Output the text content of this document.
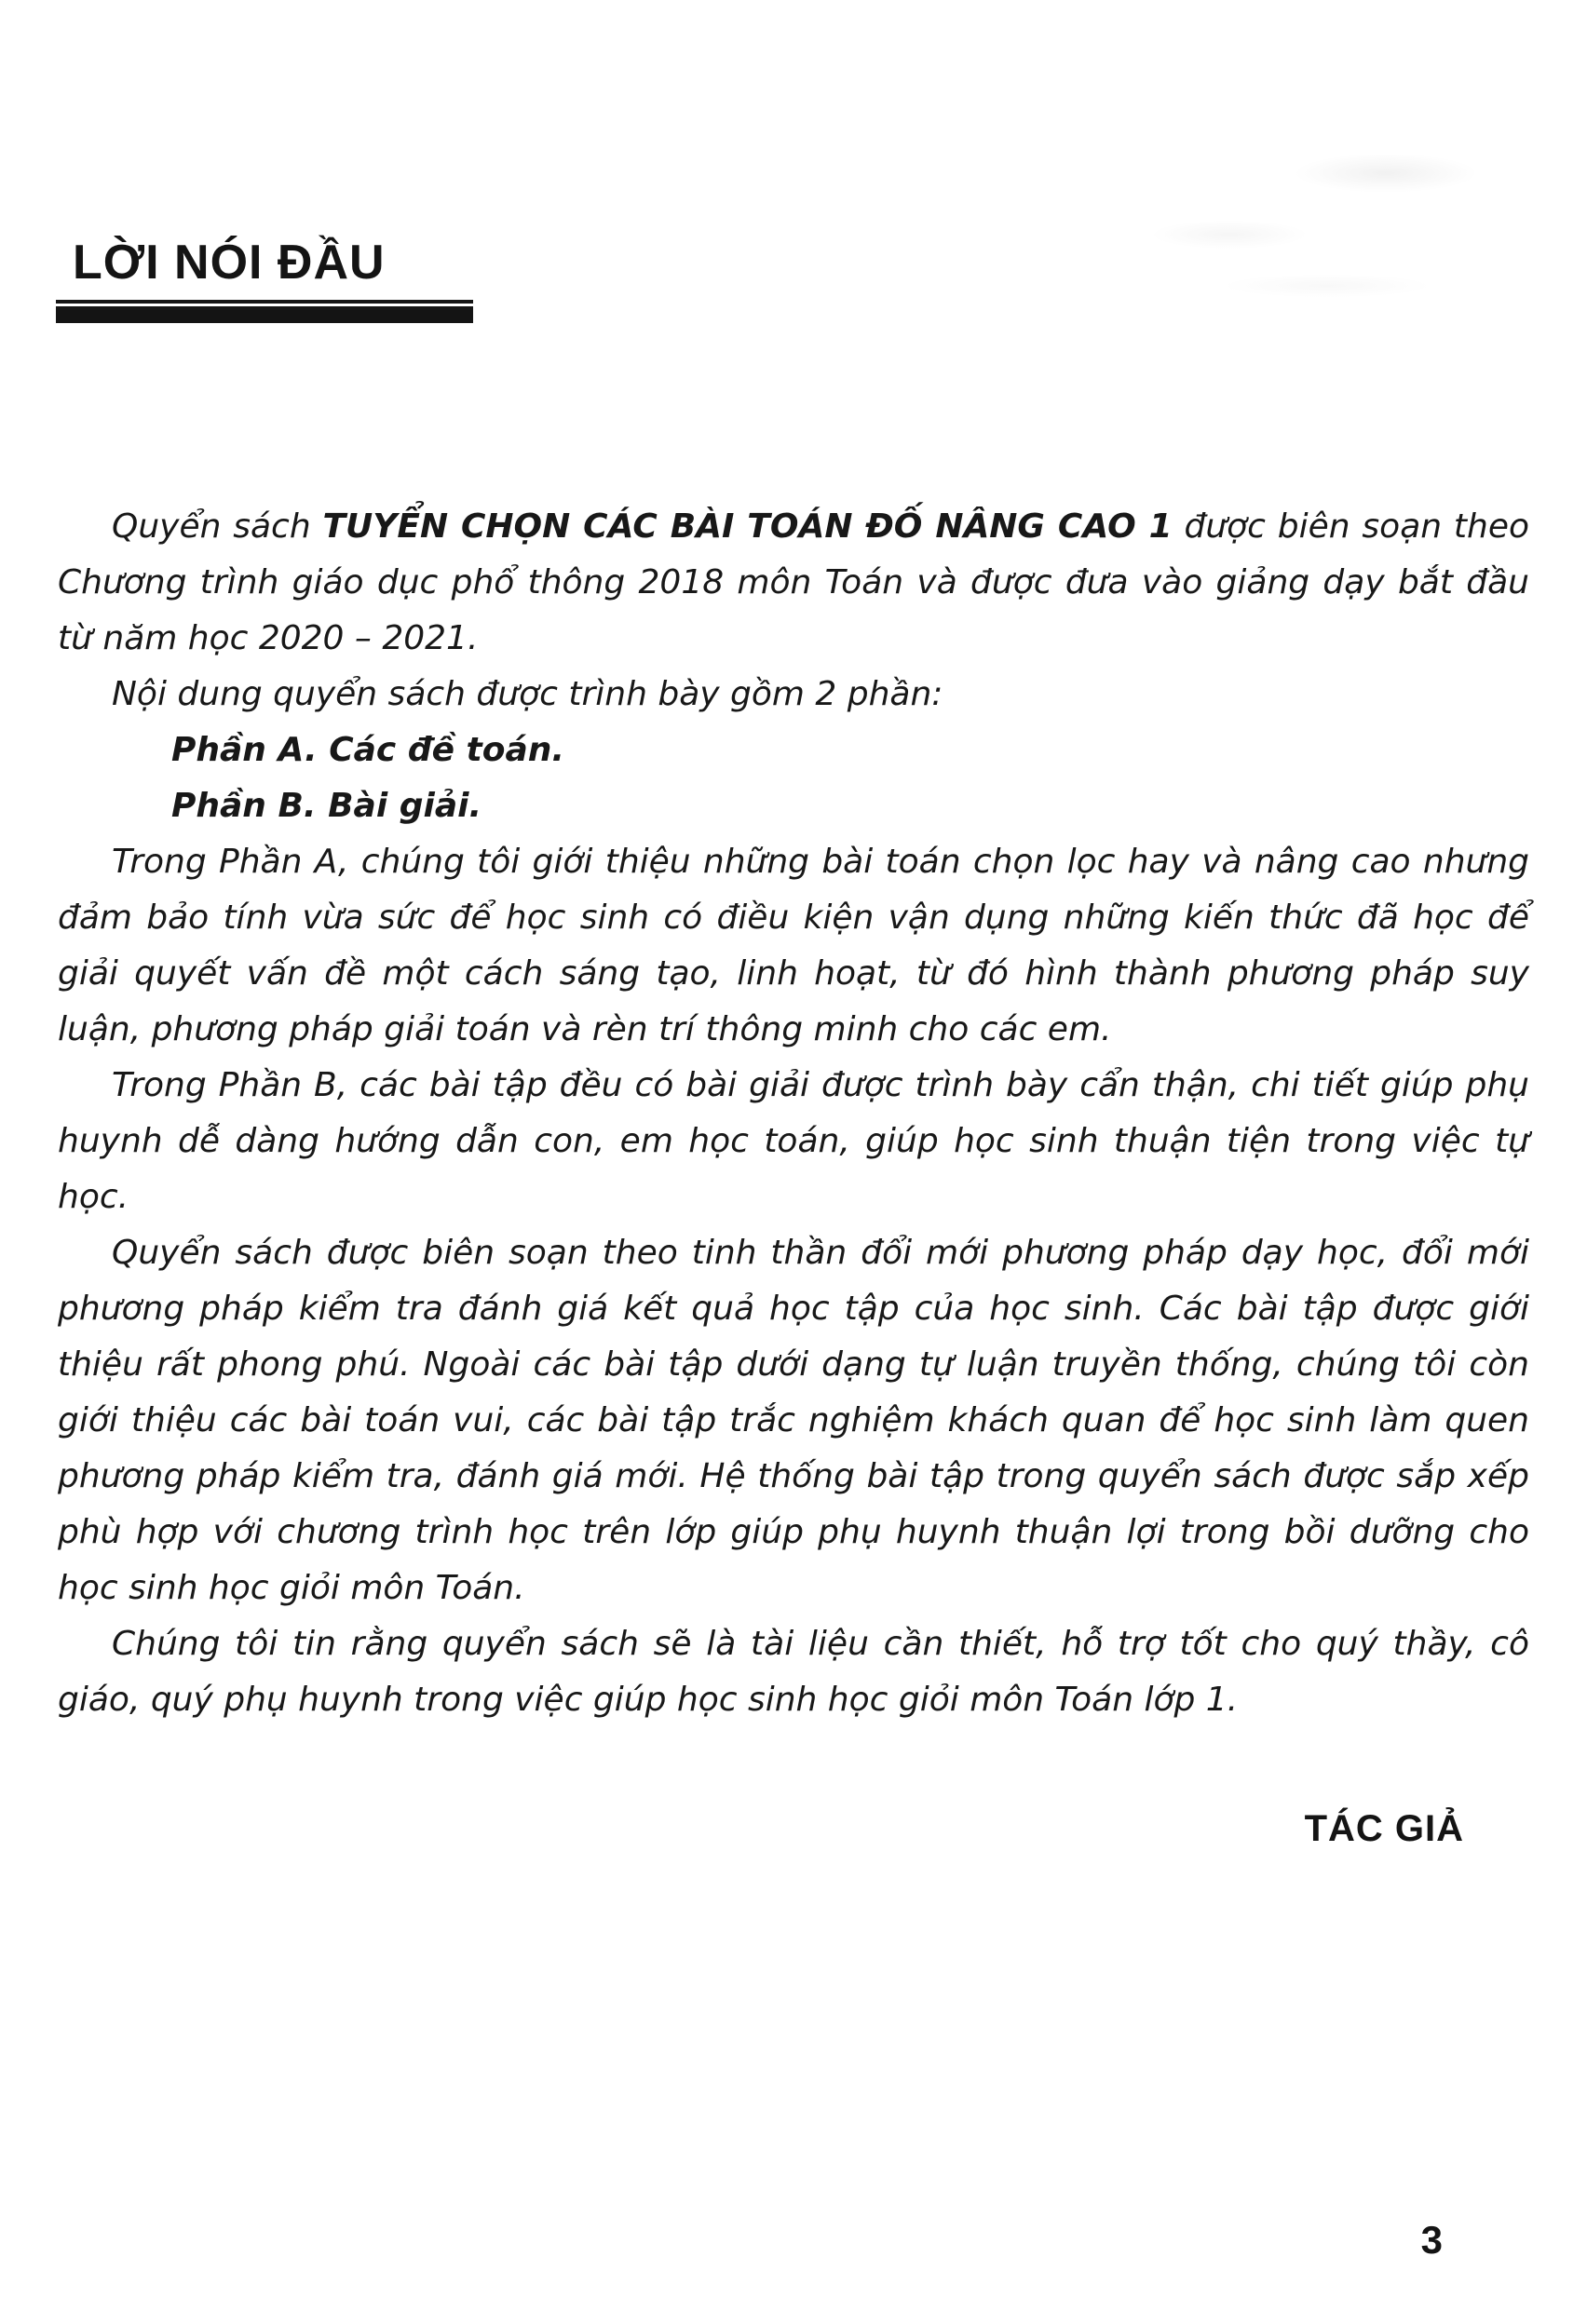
LỜI NÓI ĐẦU

Quyển sách TUYỂN CHỌN CÁC BÀI TOÁN ĐỐ NÂNG CAO 1 được biên soạn theo Chương trình giáo dục phổ thông 2018 môn Toán và được đưa vào giảng dạy bắt đầu từ năm học 2020 – 2021.

Nội dung quyển sách được trình bày gồm 2 phần:

Phần A. Các đề toán.

Phần B. Bài giải.

Trong Phần A, chúng tôi giới thiệu những bài toán chọn lọc hay và nâng cao nhưng đảm bảo tính vừa sức để học sinh có điều kiện vận dụng những kiến thức đã học để giải quyết vấn đề một cách sáng tạo, linh hoạt, từ đó hình thành phương pháp suy luận, phương pháp giải toán và rèn trí thông minh cho các em.

Trong Phần B, các bài tập đều có bài giải được trình bày cẩn thận, chi tiết giúp phụ huynh dễ dàng hướng dẫn con, em học toán, giúp học sinh thuận tiện trong việc tự học.

Quyển sách được biên soạn theo tinh thần đổi mới phương pháp dạy học, đổi mới phương pháp kiểm tra đánh giá kết quả học tập của học sinh. Các bài tập được giới thiệu rất phong phú. Ngoài các bài tập dưới dạng tự luận truyền thống, chúng tôi còn giới thiệu các bài toán vui, các bài tập trắc nghiệm khách quan để học sinh làm quen phương pháp kiểm tra, đánh giá mới. Hệ thống bài tập trong quyển sách được sắp xếp phù hợp với chương trình học trên lớp giúp phụ huynh thuận lợi trong bồi dưỡng cho học sinh học giỏi môn Toán.

Chúng tôi tin rằng quyển sách sẽ là tài liệu cần thiết, hỗ trợ tốt cho quý thầy, cô giáo, quý phụ huynh trong việc giúp học sinh học giỏi môn Toán lớp 1.

TÁC GIẢ
3
